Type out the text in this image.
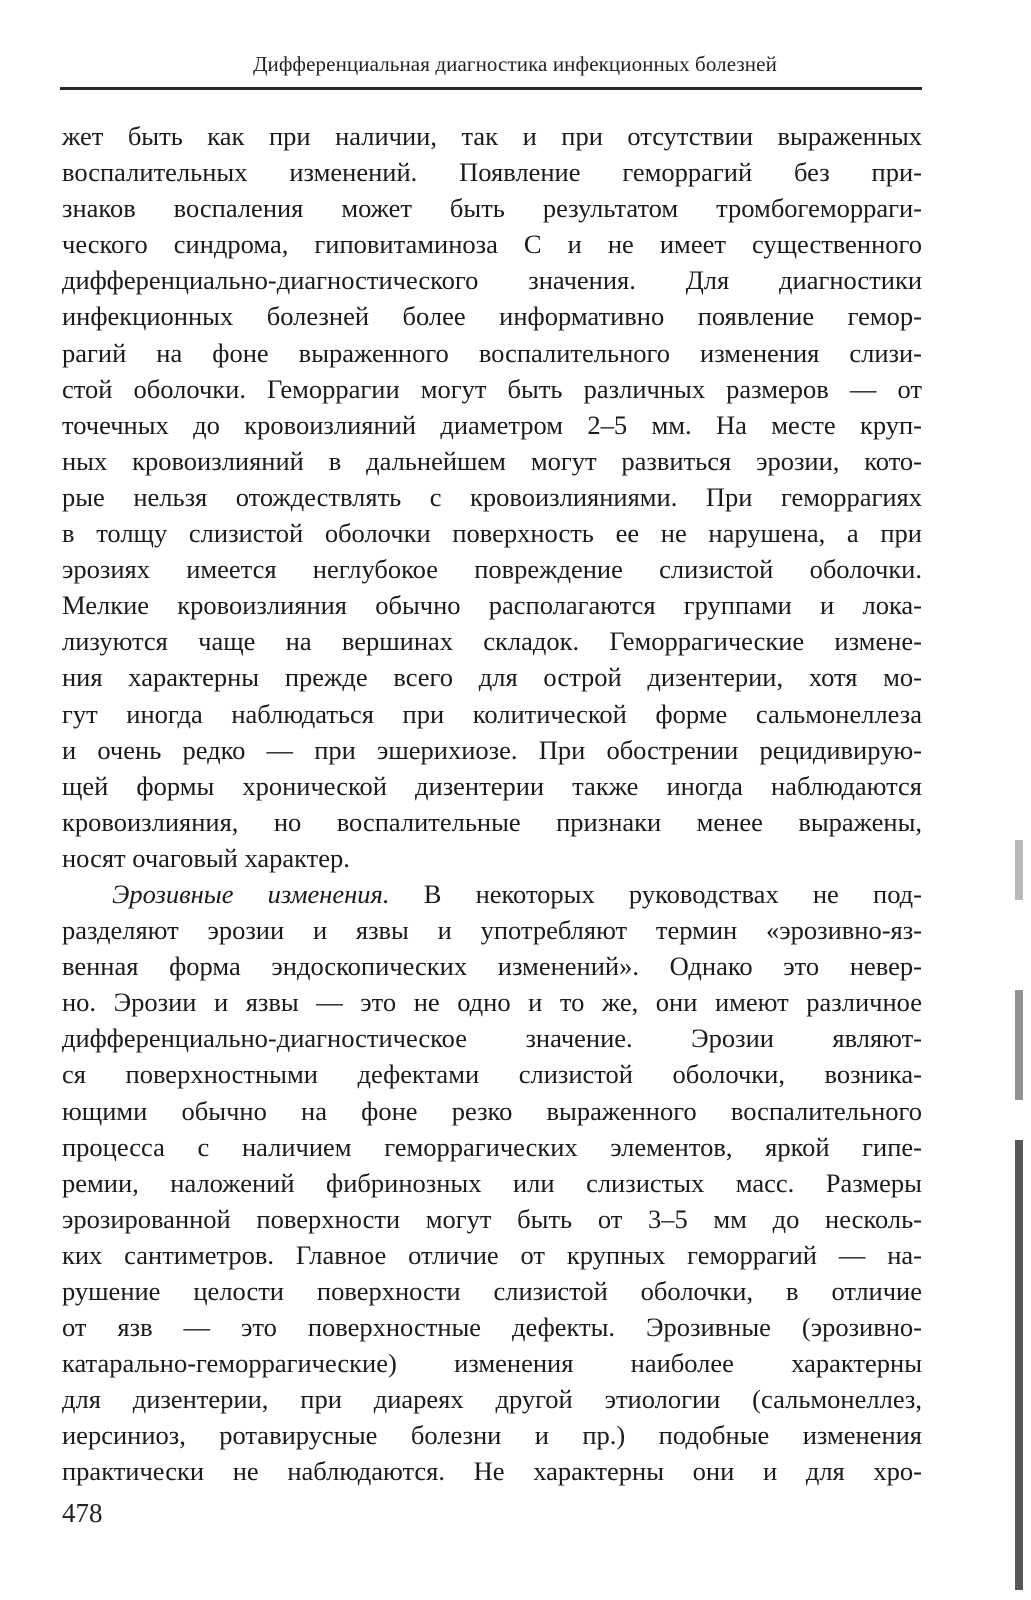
Дифференциальная диагностика инфекционных болезней
жет быть как при наличии, так и при отсутствии выраженных
воспалительных изменений. Появление геморрагий без при-
знаков воспаления может быть результатом тромбогеморраги-
ческого синдрома, гиповитаминоза С и не имеет существенного
дифференциально-диагностического значения. Для диагностики
инфекционных болезней более информативно появление гемор-
рагий на фоне выраженного воспалительного изменения слизи-
стой оболочки. Геморрагии могут быть различных размеров — от
точечных до кровоизлияний диаметром 2–5 мм. На месте круп-
ных кровоизлияний в дальнейшем могут развиться эрозии, кото-
рые нельзя отождествлять с кровоизлияниями. При геморрагиях
в толщу слизистой оболочки поверхность ее не нарушена, а при
эрозиях имеется неглубокое повреждение слизистой оболочки.
Мелкие кровоизлияния обычно располагаются группами и лока-
лизуются чаще на вершинах складок. Геморрагические измене-
ния характерны прежде всего для острой дизентерии, хотя мо-
гут иногда наблюдаться при колитической форме сальмонеллеза
и очень редко — при эшерихиозе. При обострении рецидивирую-
щей формы хронической дизентерии также иногда наблюдаются
кровоизлияния, но воспалительные признаки менее выражены,
носят очаговый характер.
Эрозивные изменения. В некоторых руководствах не под-
разделяют эрозии и язвы и употребляют термин «эрозивно-яз-
венная форма эндоскопических изменений». Однако это невер-
но. Эрозии и язвы — это не одно и то же, они имеют различное
дифференциально-диагностическое значение. Эрозии являют-
ся поверхностными дефектами слизистой оболочки, возника-
ющими обычно на фоне резко выраженного воспалительного
процесса с наличием геморрагических элементов, яркой гипе-
ремии, наложений фибринозных или слизистых масс. Размеры
эрозированной поверхности могут быть от 3–5 мм до несколь-
ких сантиметров. Главное отличие от крупных геморрагий — на-
рушение целости поверхности слизистой оболочки, в отличие
от язв — это поверхностные дефекты. Эрозивные (эрозивно-
катарально-геморрагические) изменения наиболее характерны
для дизентерии, при диареях другой этиологии (сальмонеллез,
иерсиниоз, ротавирусные болезни и пр.) подобные изменения
практически не наблюдаются. Не характерны они и для хро-
478
